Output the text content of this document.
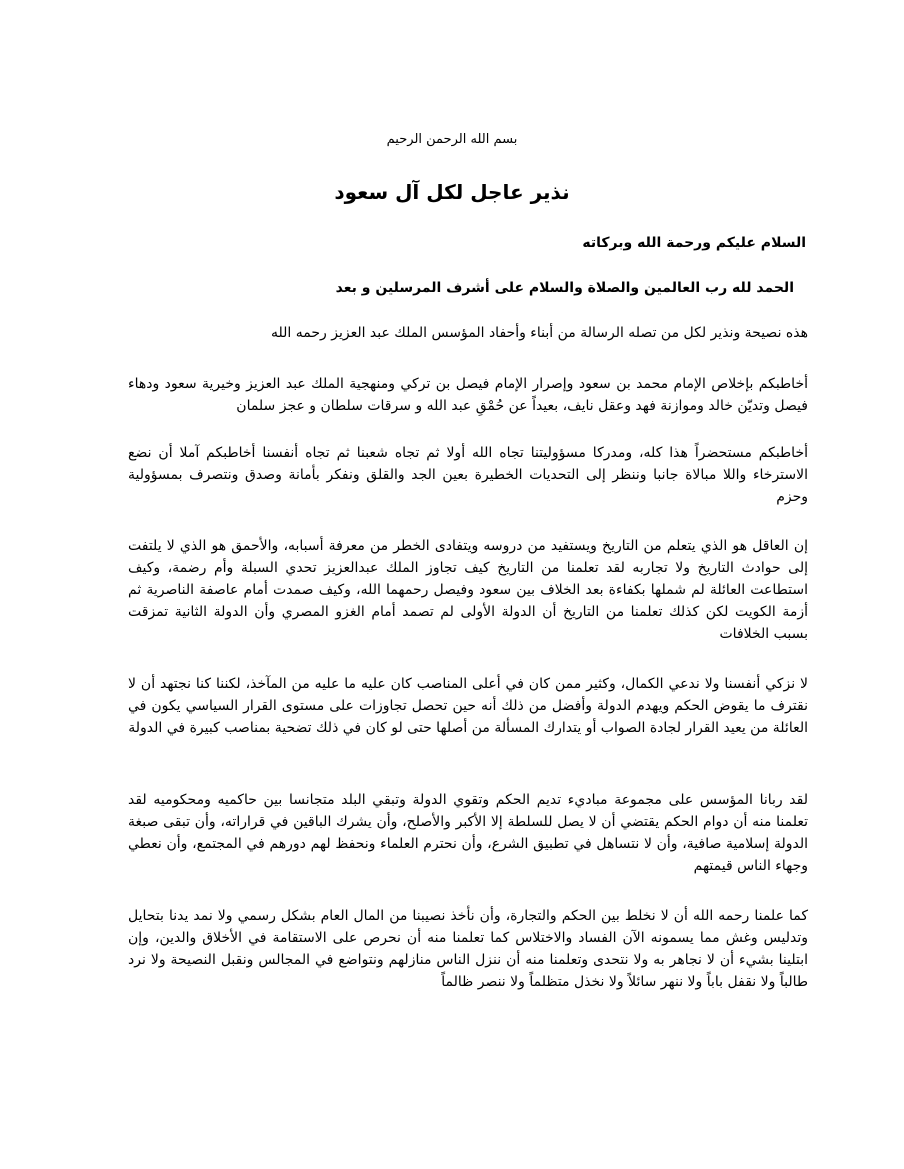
بسم الله الرحمن الرحيم
نذير عاجل لكل آل سعود
السلام عليكم ورحمة الله وبركاته
الحمد لله رب العالمين والصلاة والسلام على أشرف المرسلين و بعد

هذه نصيحة ونذير لكل من تصله الرسالة من أبناء وأحفاد المؤسس الملك عبد العزيز رحمه الله

أخاطبكم بإخلاص الإمام محمد بن سعود وإصرار الإمام فيصل بن تركي ومنهجية الملك عبد العزيز وخيرية سعود ودهاء فيصل وتديّن خالد وموازنة فهد وعقل نايف، بعيداً عن حُمْقِ عبد الله و سرقات سلطان و عجز سلمان

أخاطبكم مستحضراً هذا كله، ومدركا مسؤوليتنا تجاه الله أولا ثم تجاه شعبنا ثم تجاه أنفسنا أخاطبكم آملا أن نضع الاسترخاء واللا مبالاة جانبا وننظر إلى التحديات الخطيرة بعين الجد والقلق ونفكر بأمانة وصدق ونتصرف بمسؤولية وحزم

إن العاقل هو الذي يتعلم من التاريخ ويستفيد من دروسه ويتفادى الخطر من معرفة أسبابه، والأحمق هو الذي لا يلتفت إلى حوادث التاريخ ولا تجاربه لقد تعلمنا من التاريخ كيف تجاوز الملك عبدالعزيز تحدي السبلة وأم رضمة، وكيف استطاعت العائلة لم شملها بكفاءة بعد الخلاف بين سعود وفيصل رحمهما الله، وكيف صمدت أمام عاصفة الناصرية ثم أزمة الكويت لكن كذلك تعلمنا من التاريخ أن الدولة الأولى لم تصمد أمام الغزو المصري وأن الدولة الثانية تمزقت بسبب الخلافات

لا نزكي أنفسنا ولا ندعي الكمال، وكثير ممن كان في أعلى المناصب كان عليه ما عليه من المآخذ، لكننا كنا نجتهد أن لا نقترف ما يقوض الحكم ويهدم الدولة وأفضل من ذلك أنه حين تحصل تجاوزات على مستوى القرار السياسي يكون في العائلة من يعيد القرار لجادة الصواب أو يتدارك المسألة من أصلها حتى لو كان في ذلك تضحية بمناصب كبيرة في الدولة

لقد ربانا المؤسس على مجموعة مباديء تديم الحكم وتقوي الدولة وتبقي البلد متجانسا بين حاكميه ومحكوميه لقد تعلمنا منه أن دوام الحكم يقتضي أن لا يصل للسلطة إلا الأكبر والأصلح، وأن يشرك الباقين في قراراته، وأن تبقى صبغة الدولة إسلامية صافية، وأن لا نتساهل في تطبيق الشرع، وأن نحترم العلماء ونحفظ لهم دورهم في المجتمع، وأن نعطي وجهاء الناس قيمتهم

كما علمنا رحمه الله أن لا نخلط بين الحكم والتجارة، وأن نأخذ نصيبنا من المال العام بشكل رسمي ولا نمد يدنا بتحايل وتدليس وغش مما يسمونه الآن الفساد والاختلاس كما تعلمنا منه أن نحرص على الاستقامة في الأخلاق والدين، وإن ابتلينا بشيء أن لا نجاهر به ولا نتحدى وتعلمنا منه أن ننزل الناس منازلهم ونتواضع في المجالس ونقبل النصيحة ولا نرد طالباً ولا نقفل باباً ولا ننهر سائلاً ولا نخذل متظلماً ولا ننصر ظالماً
